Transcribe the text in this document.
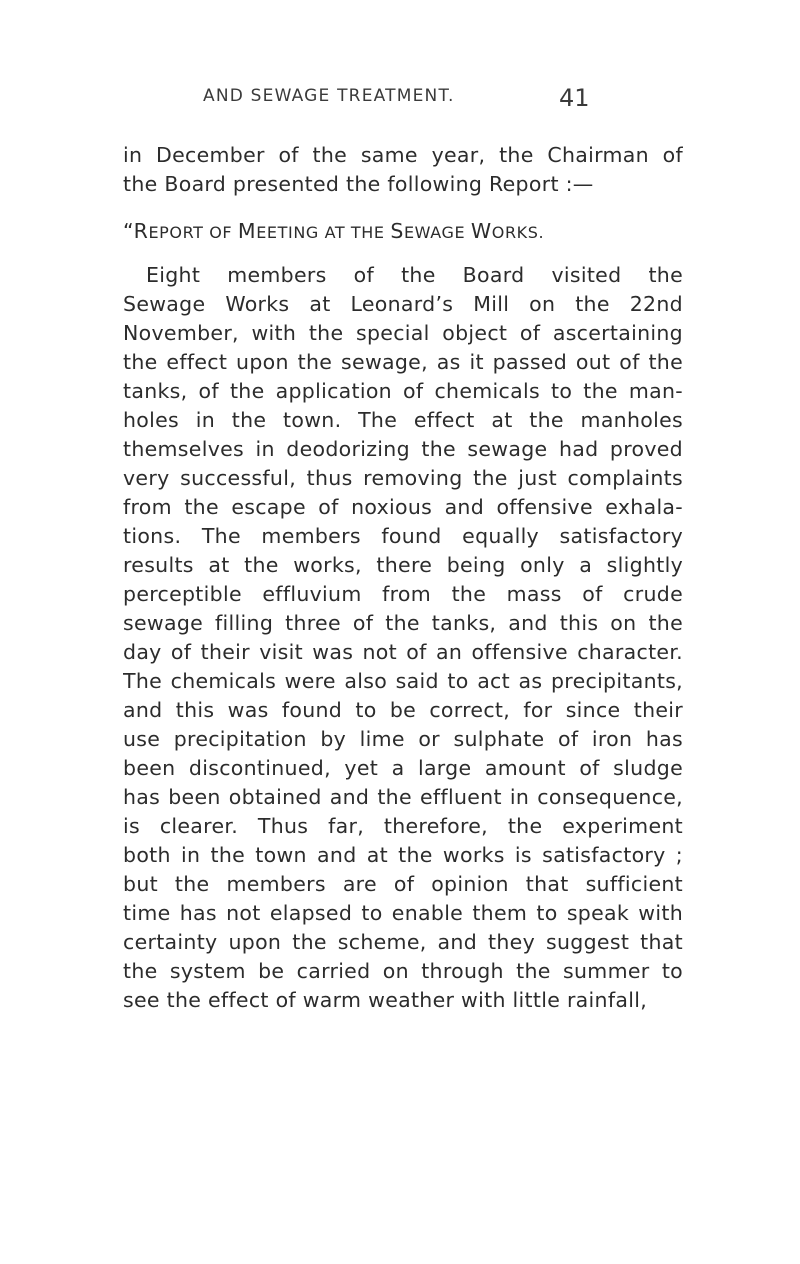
AND SEWAGE TREATMENT.	41
in December of the same year, the Chairman of
the Board presented the following Report :—
“REPORT OF MEETING AT THE SEWAGE WORKS.
Eight members of the Board visited the
Sewage Works at Leonard’s Mill on the 22nd
November, with the special object of ascertaining
the effect upon the sewage, as it passed out of the
tanks, of the application of chemicals to the man-
holes in the town. The effect at the manholes
themselves in deodorizing the sewage had proved
very successful, thus removing the just complaints
from the escape of noxious and offensive exhala-
tions. The members found equally satisfactory
results at the works, there being only a slightly
perceptible effluvium from the mass of crude
sewage filling three of the tanks, and this on the
day of their visit was not of an offensive character.
The chemicals were also said to act as precipitants,
and this was found to be correct, for since their
use precipitation by lime or sulphate of iron has
been discontinued, yet a large amount of sludge
has been obtained and the effluent in consequence,
is clearer. Thus far, therefore, the experiment
both in the town and at the works is satisfactory ;
but the members are of opinion that sufficient
time has not elapsed to enable them to speak with
certainty upon the scheme, and they suggest that
the system be carried on through the summer to
see the effect of warm weather with little rainfall,
